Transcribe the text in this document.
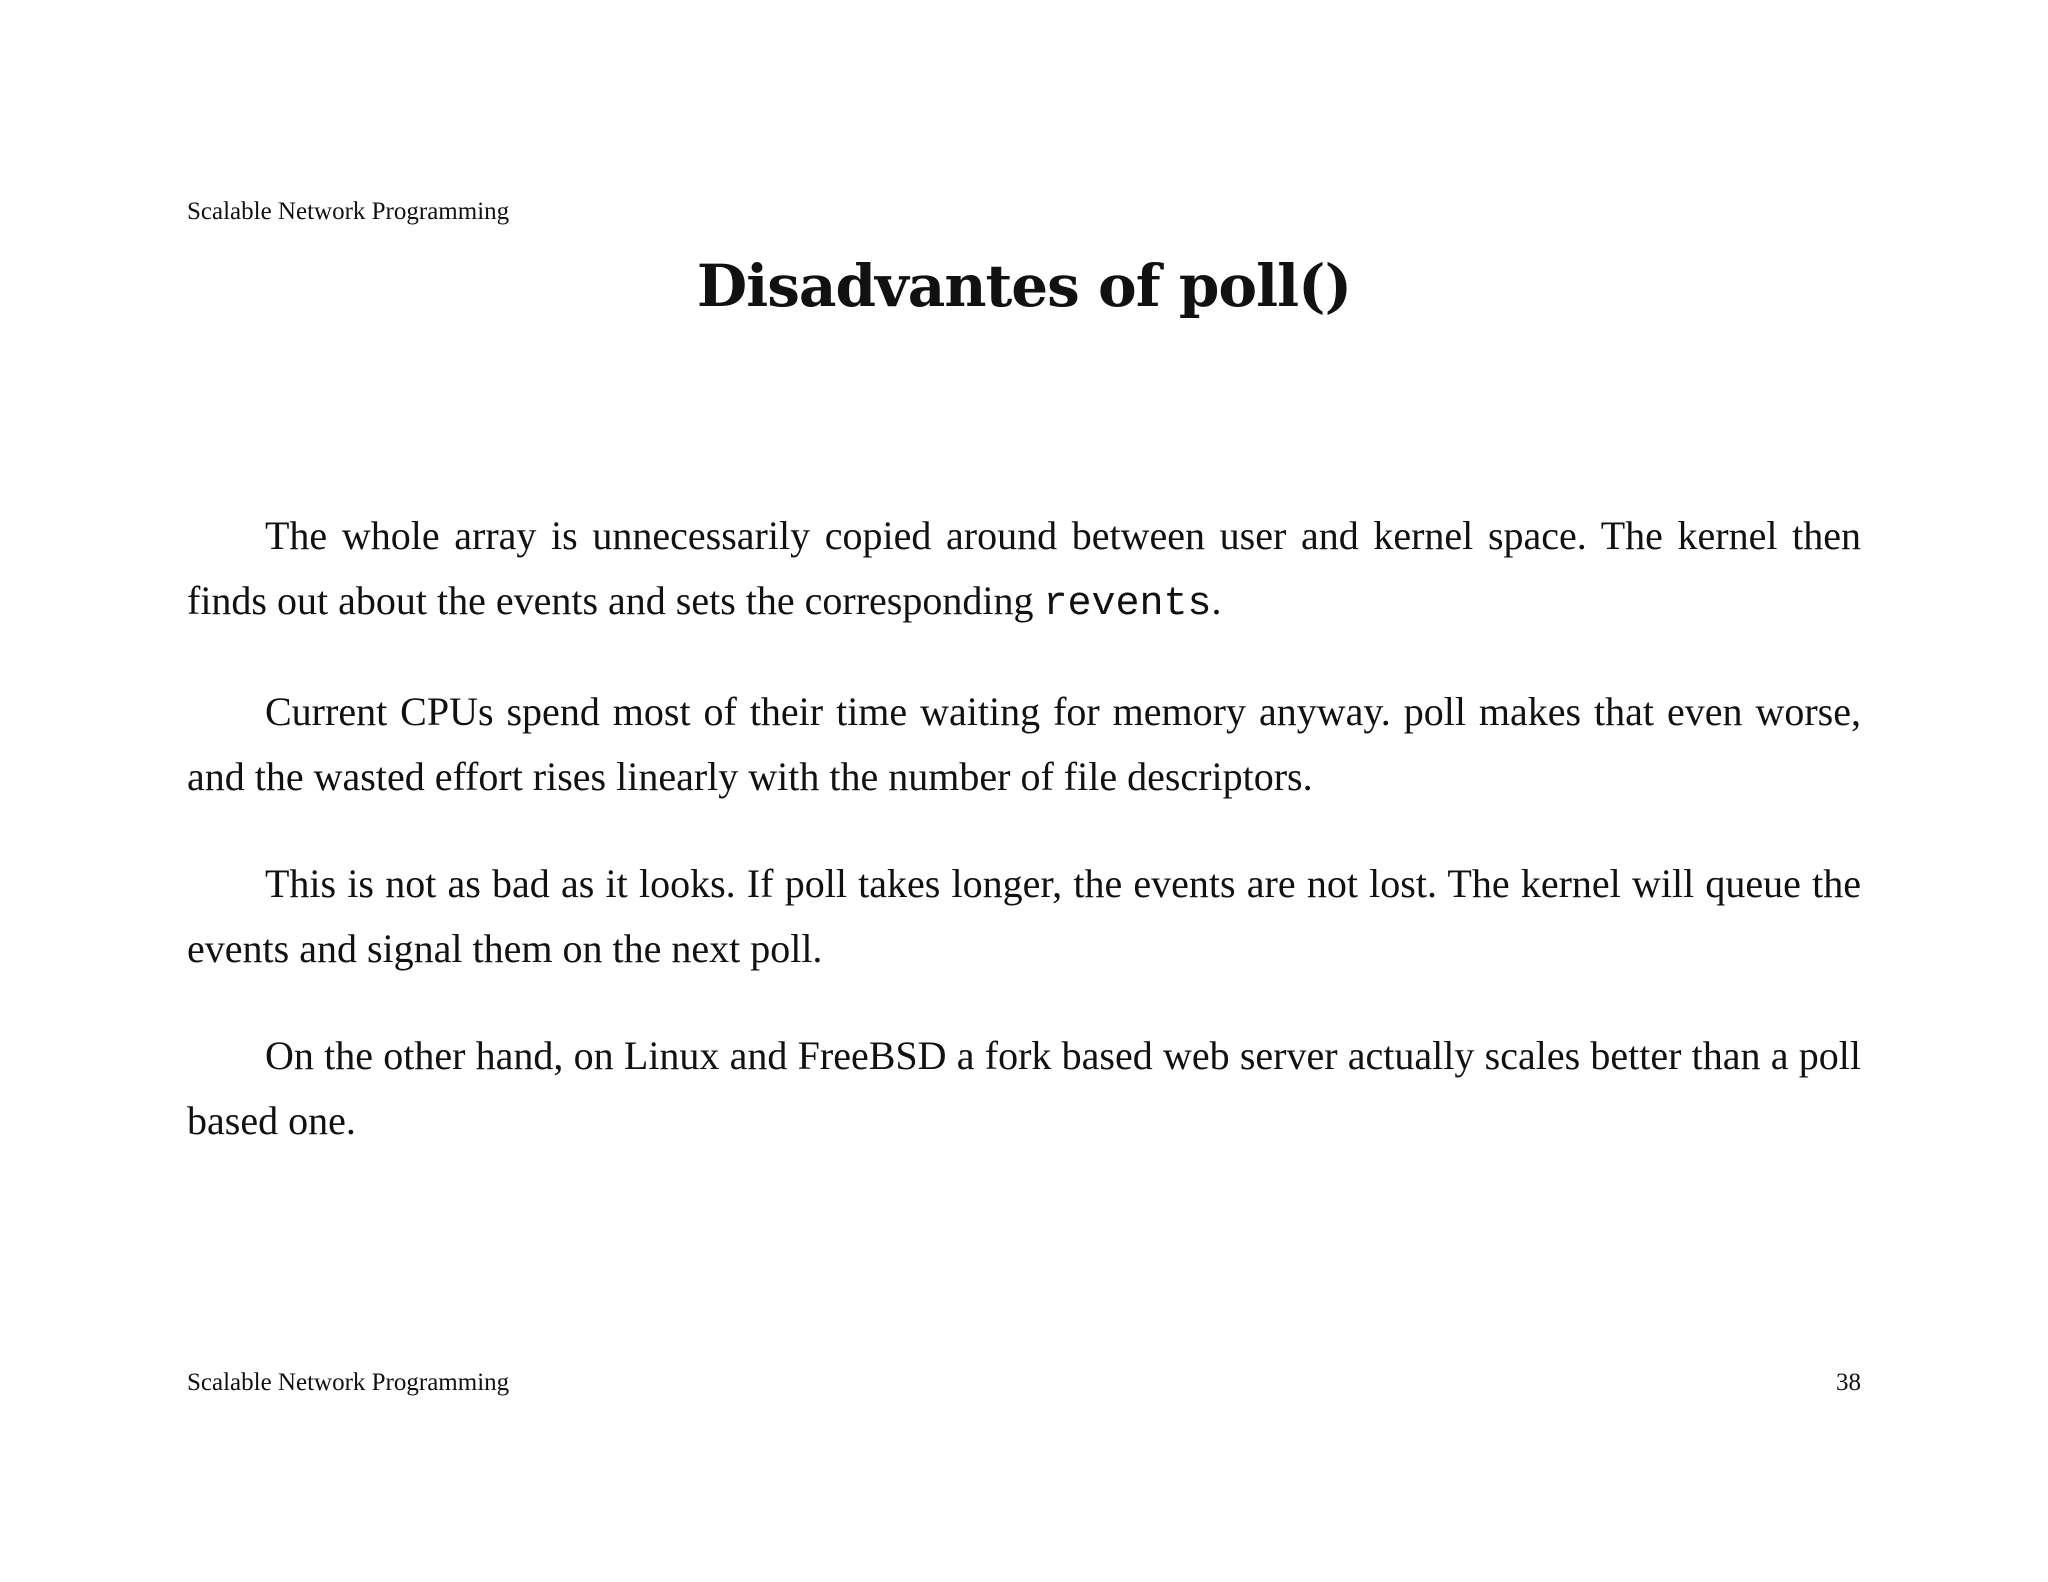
Scalable Network Programming
Disadvantes of poll()

The whole array is unnecessarily copied around between user and kernel space. The kernel then finds out about the events and sets the corresponding revents.

Current CPUs spend most of their time waiting for memory anyway. poll makes that even worse, and the wasted effort rises linearly with the number of file descriptors.

This is not as bad as it looks. If poll takes longer, the events are not lost. The kernel will queue the events and signal them on the next poll.

On the other hand, on Linux and FreeBSD a fork based web server actually scales better than a poll based one.

Scalable Network Programming	38
